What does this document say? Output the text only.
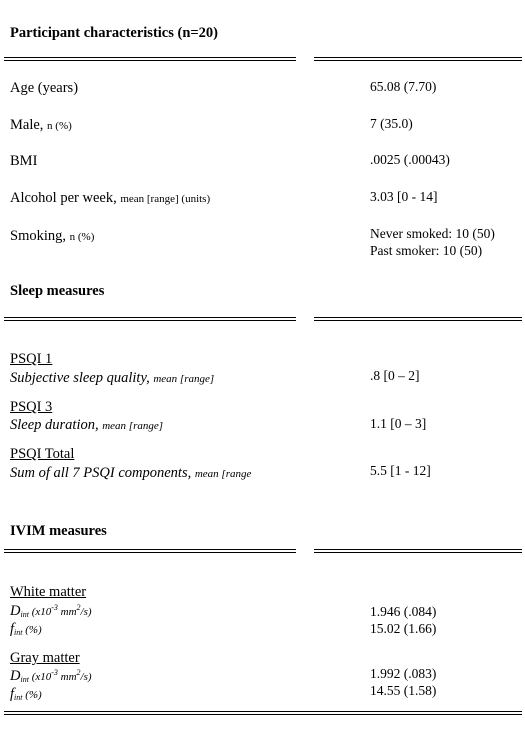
Participant characteristics (n=20)
Age (years)	65.08 (7.70)
Male, n (%)	7 (35.0)
BMI	.0025 (.00043)
Alcohol per week, mean [range] (units)	3.03 [0 - 14]
Smoking, n (%)	Never smoked: 10 (50)
Past smoker: 10 (50)
Sleep measures
PSQI 1
Subjective sleep quality, mean [range]	.8 [0 – 2]
PSQI 3
Sleep duration, mean [range]	1.1 [0 – 3]
PSQI Total
Sum of all 7 PSQI components, mean [range	5.5 [1 - 12]
IVIM measures
White matter
$D_{int}$ ($x10^{-3}$ $mm^2/s$)	1.946 (.084)
$f_{int}$ (%)	15.02 (1.66)
Gray matter
$D_{int}$ ($x10^{-3}$ $mm^2/s$)	1.992 (.083)
$f_{int}$ (%)	14.55 (1.58)
